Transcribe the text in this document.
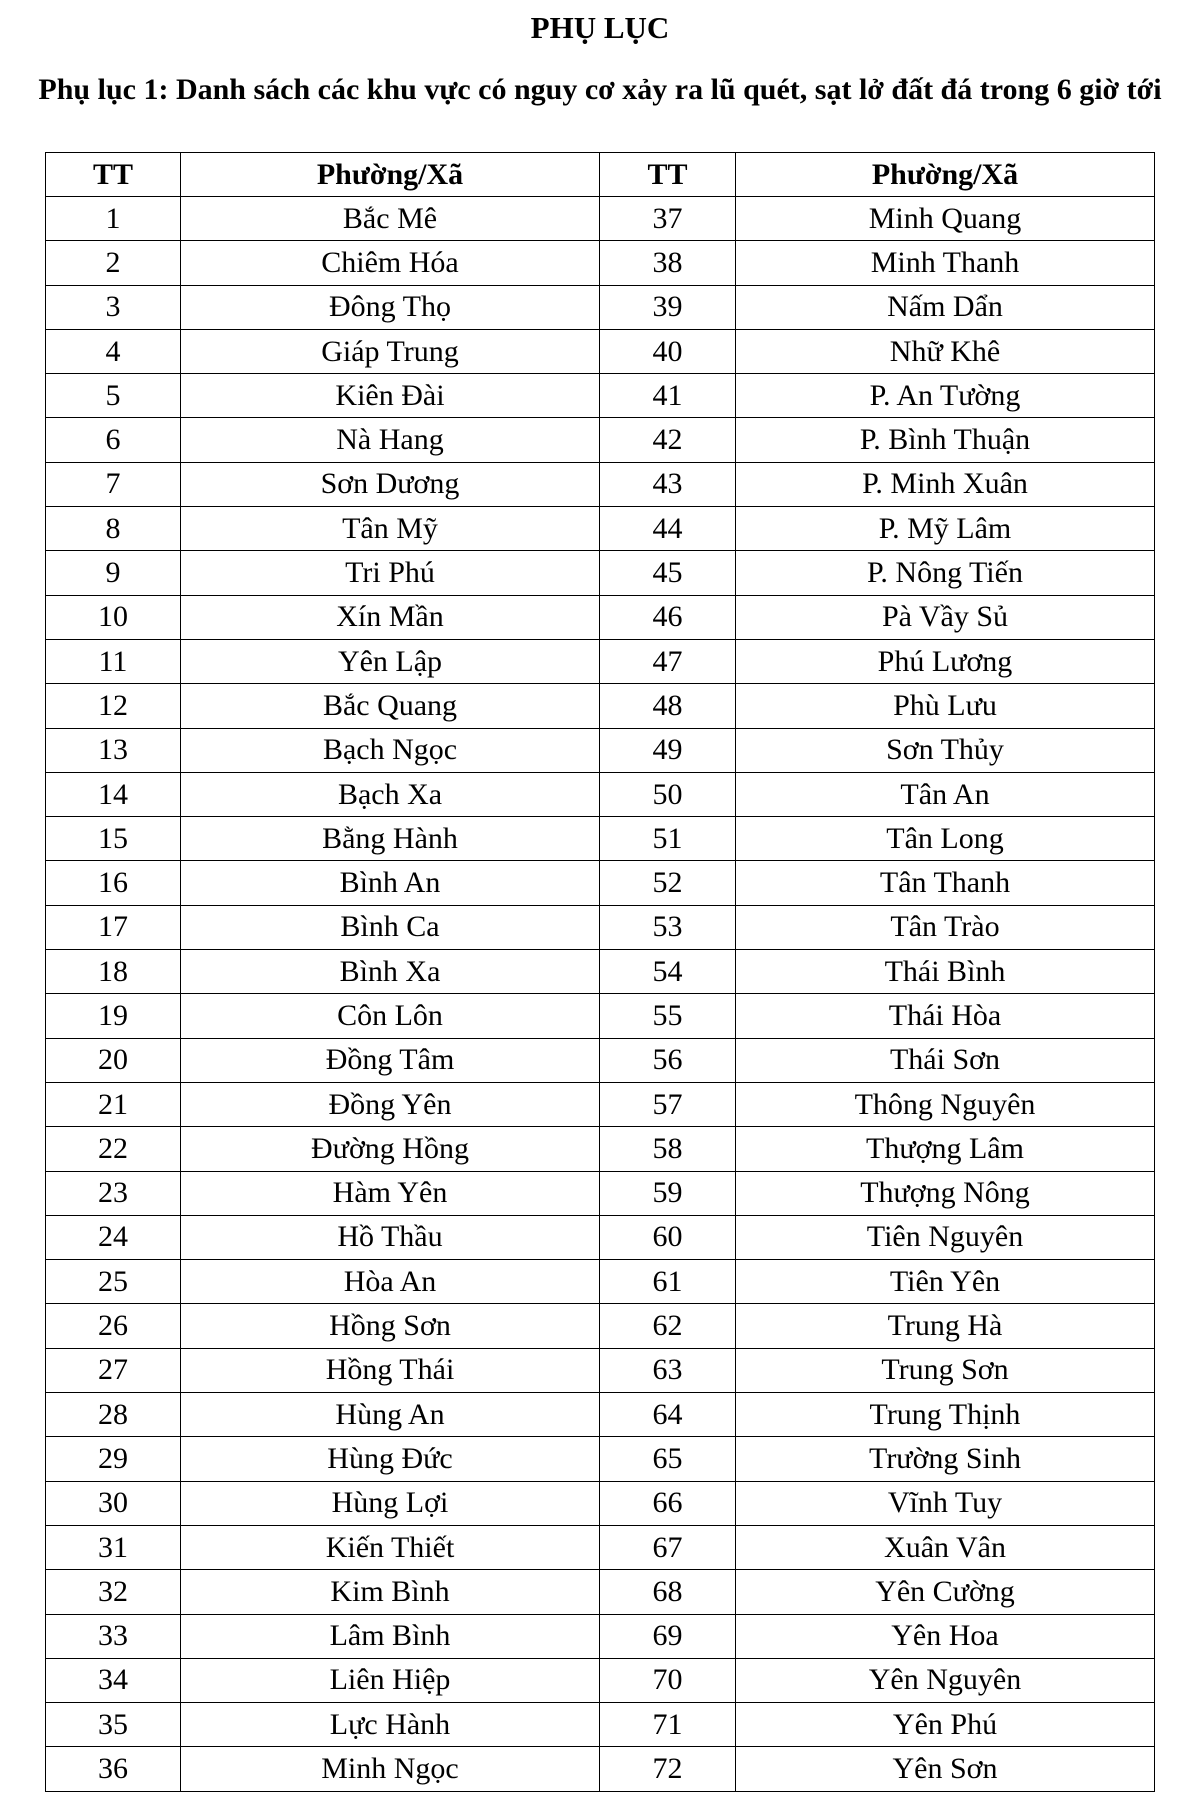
PHỤ LỤC
Phụ lục 1: Danh sách các khu vực có nguy cơ xảy ra lũ quét, sạt lở đất đá trong 6 giờ tới
TT	Phường/Xã	TT	Phường/Xã
1	Bắc Mê	37	Minh Quang
2	Chiêm Hóa	38	Minh Thanh
3	Đông Thọ	39	Nấm Dẩn
4	Giáp Trung	40	Nhữ Khê
5	Kiên Đài	41	P. An Tường
6	Nà Hang	42	P. Bình Thuận
7	Sơn Dương	43	P. Minh Xuân
8	Tân Mỹ	44	P. Mỹ Lâm
9	Tri Phú	45	P. Nông Tiến
10	Xín Mần	46	Pà Vầy Sủ
11	Yên Lập	47	Phú Lương
12	Bắc Quang	48	Phù Lưu
13	Bạch Ngọc	49	Sơn Thủy
14	Bạch Xa	50	Tân An
15	Bằng Hành	51	Tân Long
16	Bình An	52	Tân Thanh
17	Bình Ca	53	Tân Trào
18	Bình Xa	54	Thái Bình
19	Côn Lôn	55	Thái Hòa
20	Đồng Tâm	56	Thái Sơn
21	Đồng Yên	57	Thông Nguyên
22	Đường Hồng	58	Thượng Lâm
23	Hàm Yên	59	Thượng Nông
24	Hồ Thầu	60	Tiên Nguyên
25	Hòa An	61	Tiên Yên
26	Hồng Sơn	62	Trung Hà
27	Hồng Thái	63	Trung Sơn
28	Hùng An	64	Trung Thịnh
29	Hùng Đức	65	Trường Sinh
30	Hùng Lợi	66	Vĩnh Tuy
31	Kiến Thiết	67	Xuân Vân
32	Kim Bình	68	Yên Cường
33	Lâm Bình	69	Yên Hoa
34	Liên Hiệp	70	Yên Nguyên
35	Lực Hành	71	Yên Phú
36	Minh Ngọc	72	Yên Sơn
